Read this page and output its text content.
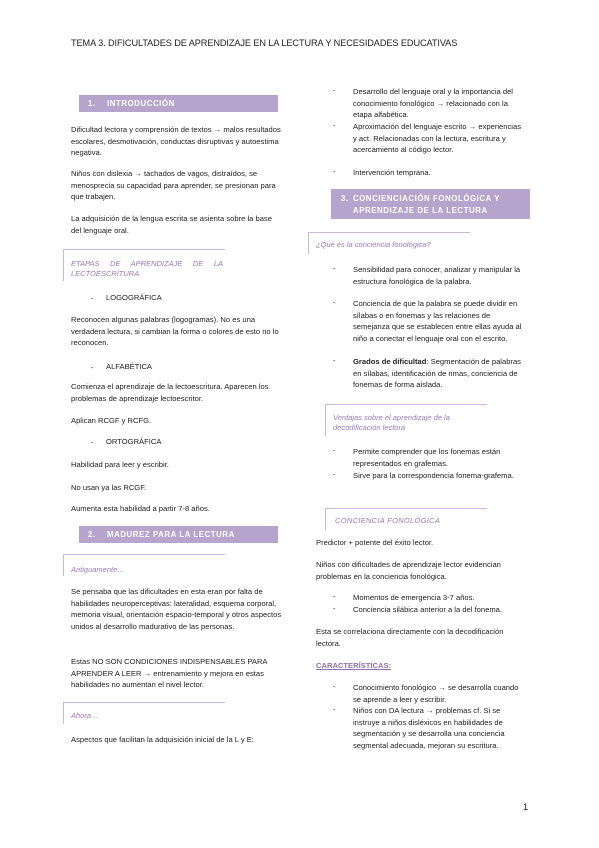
TEMA 3. DIFICULTADES DE APRENDIZAJE EN LA LECTURA Y NECESIDADES EDUCATIVAS
1. INTRODUCCIÓN
Dificultad lectora y comprensión de textos → malos resultados escolares, desmotivación, conductas disruptivas y autoestima negativa.
Niños con dislexia → tachados de vagos, distraídos, se menosprecia su capacidad para aprender, se presionan para que trabajen.
La adquisición de la lengua escrita se asienta sobre la base del lenguaje oral.
ETAPAS DE APRENDIZAJE DE LA
LECTOESCRITURA
- LOGOGRÁFICA
Reconocen algunas palabras (logogramas). No es una verdadera lectura, si cambian la forma o colores de esto no lo reconocen.
- ALFABÉTICA
Comienza el aprendizaje de la lectoescritura. Aparecen los problemas de aprendizaje lectoescritor.
Aplican RCGF y RCFG.
- ORTOGRÁFICA
Habilidad para leer y escribir.
No usan ya las RCGF.
Aumenta esta habilidad a partir 7-8 años.
2. MADUREZ PARA LA LECTURA
Antiguamente…
Se pensaba que las dificultades en esta eran por falta de habilidades neuroperceptivas: lateralidad, esquema corporal, memoria visual, orientación espacio-temporal y otros aspectos unidos al desarrollo madurativo de las personas.
Estas NO SON CONDICIONES INDISPENSABLES PARA APRENDER A LEER → entrenamiento y mejora en estas habilidades no aumentan el nivel lector.
Ahora…
Aspectos que facilitan la adquisición inicial de la L y E:
- Desarrollo del lenguaje oral y la importancia del conocimiento fonológico → relacionado con la etapa alfabética.
- Aproximación del lenguaje escrito → experiencias y act. Relacionadas con la lectura, escritura y acercamiento al código lector.
- Intervención temprana.
3. CONCIENCIACIÓN FONOLÓGICA Y
APRENDIZAJE DE LA LECTURA
¿Qué es la conciencia fonológica?
- Sensibilidad para conocer, analizar y manipular la estructura fonológica de la palabra.
- Conciencia de que la palabra se puede dividir en sílabas o en fonemas y las relaciones de semejanza que se establecen entre ellas ayuda al niño a conectar el lenguaje oral con el escrito.
- Grados de dificultad: Segmentación de palabras en sílabas, identificación de rimas, conciencia de fonemas de forma aislada.
Ventajas sobre el aprendizaje de la
decodificación lectora
- Permite comprender que los fonemas están representados en grafemas.
- Sirve para la correspondencia fonema-grafema.
CONCIENCIA FONOLÓGICA
Predictor + potente del éxito lector.
Niños con dificultades de aprendizaje lector evidencian problemas en la conciencia fonológica.
- Momentos de emergencia 3-7 años.
- Conciencia silábica anterior a la del fonema.
Esta se correlaciona directamente con la decodificación lectora.
CARACTERÍSTICAS:
- Conocimiento fonológico → se desarrolla cuando se aprende a leer y escribir.
- Niños con DA lectura → problemas cf. Si se instruye a niños disléxicos en habilidades de segmentación y se desarrolla una conciencia segmental adecuada, mejoran su escritura.
1
